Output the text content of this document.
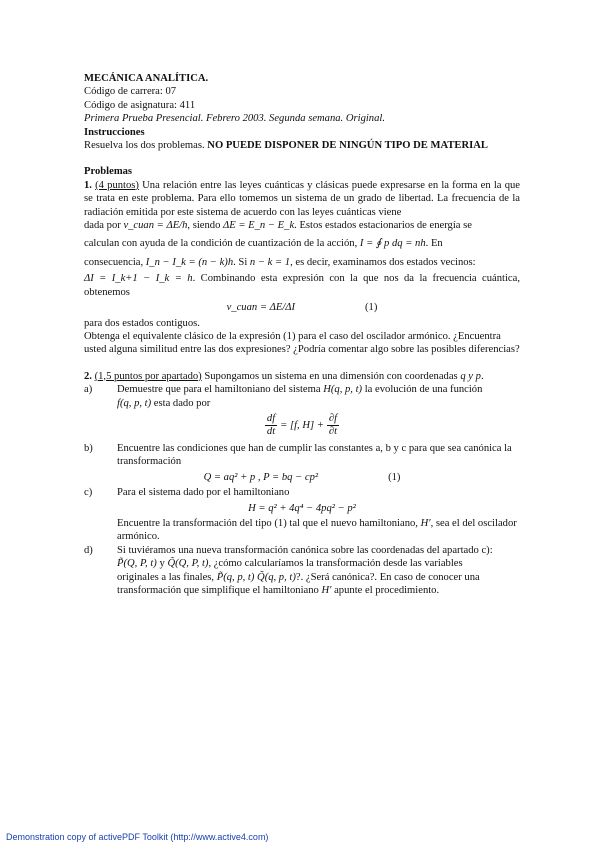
MECÁNICA ANALÍTICA.
Código de carrera: 07
Código de asignatura: 411
Primera Prueba Presencial. Febrero 2003. Segunda semana. Original.
Instrucciones
Resuelva los dos problemas. NO PUEDE DISPONER DE NINGÚN TIPO DE MATERIAL
Problemas
1. (4 puntos) Una relación entre las leyes cuánticas y clásicas puede expresarse en la forma en la que se trata en este problema. Para ello tomemos un sistema de un grado de libertad. La frecuencia de la radiación emitida por este sistema de acuerdo con las leyes cuánticas viene
dada por ν_cuan = ΔE/h, siendo ΔE = E_n − E_k. Estos estados estacionarios de energía se
calculan con ayuda de la condición de cuantización de la acción, I = ∮ p dq = nh. En
consecuencia, I_n − I_k = (n − k)h. Si n − k = 1, es decir, examinamos dos estados vecinos:
ΔI = I_k+1 − I_k = h. Combinando esta expresión con la que nos da la frecuencia cuántica, obtenemos
ν_cuan = ΔE/ΔI	(1)
para dos estados contiguos.
Obtenga el equivalente clásico de la expresión (1) para el caso del oscilador armónico. ¿Encuentra usted alguna similitud entre las dos expresiones? ¿Podría comentar algo sobre las posibles diferencias?
2. (1,5 puntos por apartado) Supongamos un sistema en una dimensión con coordenadas q y p.
a)	Demuestre que para el hamiltoniano del sistema H(q, p, t) la evolución de una función
f(q, p, t) esta dado por
$\frac{df}{dt} = [f$, $H] + \frac{\partial f}{\partial t}$
b)	Encuentre las condiciones que han de cumplir las constantes a, b y c para que sea canónica la transformación
Q = aq² + p , P = bq − cp²	(1)
c)	Para el sistema dado por el hamiltoniano
H = q² + 4q⁴ − 4pq² − p²
Encuentre la transformación del tipo (1) tal que el nuevo hamiltoniano, H′, sea el del oscilador armónico.
d)	Si tuviéramos una nueva transformación canónica sobre las coordenadas del apartado c):
P̃(Q, P, t) y Q̃(Q, P, t), ¿cómo calcularíamos la transformación desde las variables
originales a las finales, P̃(q, p, t) Q̃(q, p, t)?. ¿Será canónica?. En caso de conocer una transformación que simplifique el hamiltoniano H′ apunte el procedimiento.
Demonstration copy of activePDF Toolkit (http://www.active4.com)
